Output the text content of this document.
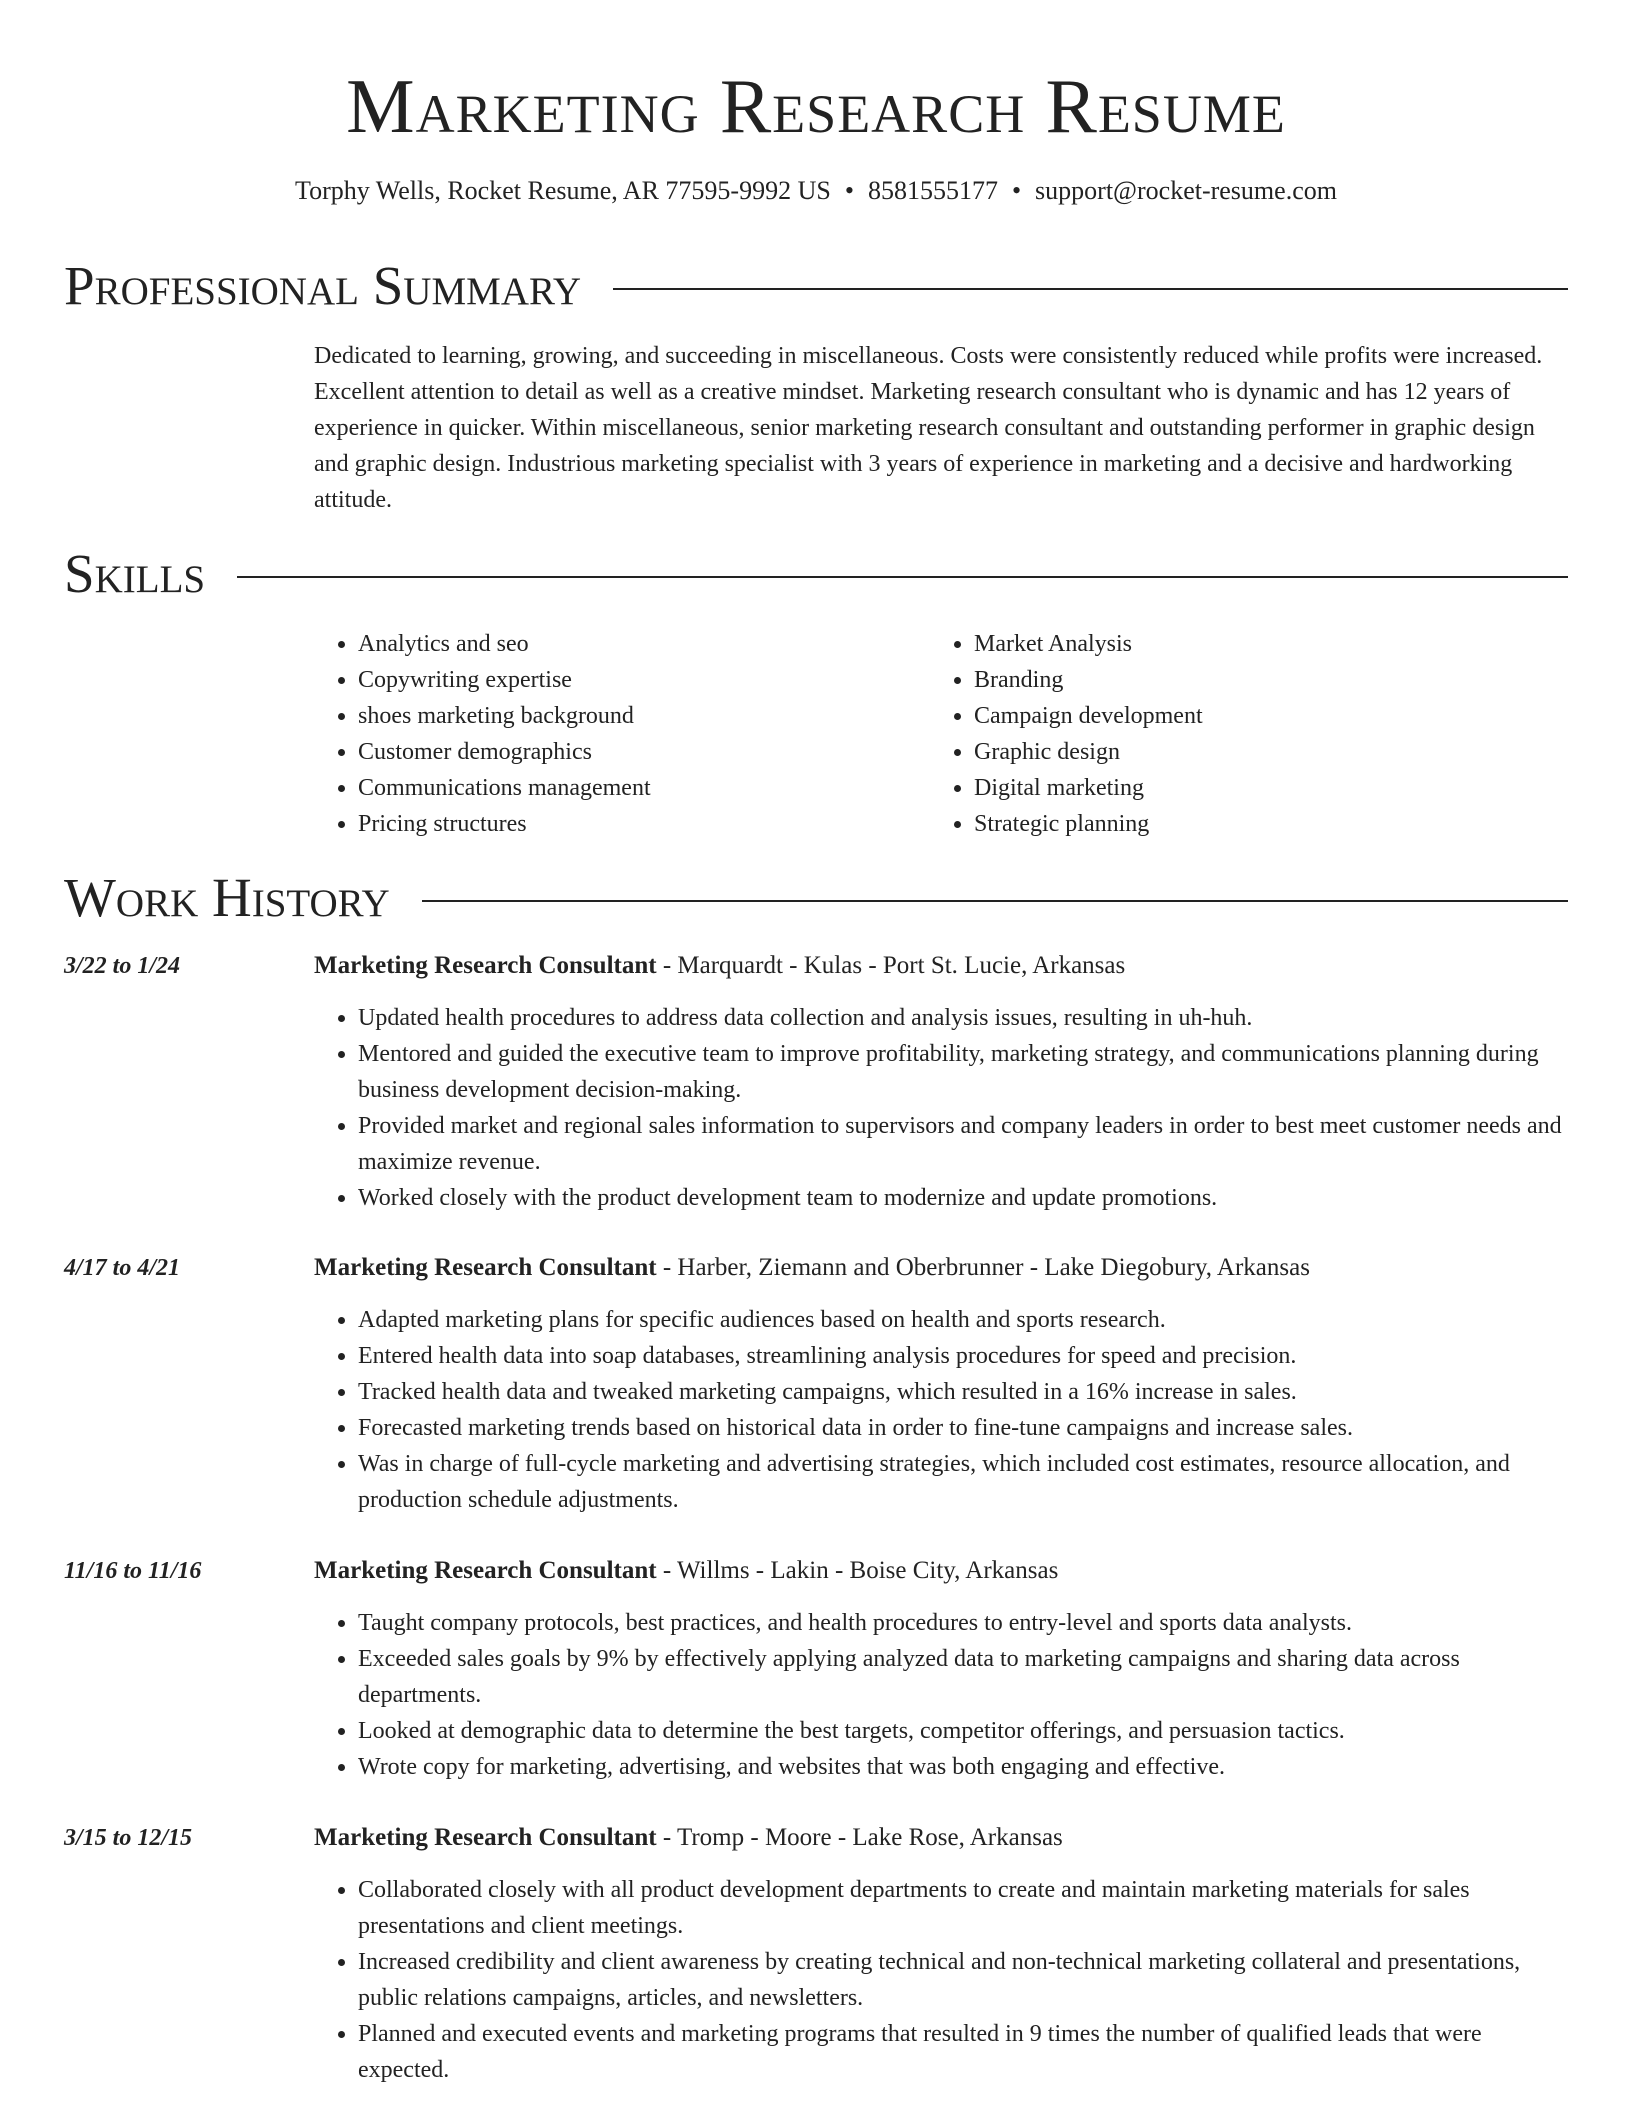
Marketing Research Resume
Torphy Wells, Rocket Resume, AR 77595-9992 US • 8581555177 • support@rocket-resume.com
Professional Summary

Dedicated to learning, growing, and succeeding in miscellaneous. Costs were consistently reduced while profits were increased. Excellent attention to detail as well as a creative mindset. Marketing research consultant who is dynamic and has 12 years of experience in quicker. Within miscellaneous, senior marketing research consultant and outstanding performer in graphic design and graphic design. Industrious marketing specialist with 3 years of experience in marketing and a decisive and hardworking attitude.

Skills
• Analytics and seo
• Copywriting expertise
• shoes marketing background
• Customer demographics
• Communications management
• Pricing structures
• Market Analysis
• Branding
• Campaign development
• Graphic design
• Digital marketing
• Strategic planning
Work History
3/22 to 1/24	Marketing Research Consultant - Marquardt - Kulas - Port St. Lucie, Arkansas
• Updated health procedures to address data collection and analysis issues, resulting in uh-huh.
• Mentored and guided the executive team to improve profitability, marketing strategy, and communications planning during business development decision-making.
• Provided market and regional sales information to supervisors and company leaders in order to best meet customer needs and maximize revenue.
• Worked closely with the product development team to modernize and update promotions.
4/17 to 4/21	Marketing Research Consultant - Harber, Ziemann and Oberbrunner - Lake Diegobury, Arkansas
• Adapted marketing plans for specific audiences based on health and sports research.
• Entered health data into soap databases, streamlining analysis procedures for speed and precision.
• Tracked health data and tweaked marketing campaigns, which resulted in a 16% increase in sales.
• Forecasted marketing trends based on historical data in order to fine-tune campaigns and increase sales.
• Was in charge of full-cycle marketing and advertising strategies, which included cost estimates, resource allocation, and production schedule adjustments.
11/16 to 11/16	Marketing Research Consultant - Willms - Lakin - Boise City, Arkansas
• Taught company protocols, best practices, and health procedures to entry-level and sports data analysts.
• Exceeded sales goals by 9% by effectively applying analyzed data to marketing campaigns and sharing data across departments.
• Looked at demographic data to determine the best targets, competitor offerings, and persuasion tactics.
• Wrote copy for marketing, advertising, and websites that was both engaging and effective.
3/15 to 12/15	Marketing Research Consultant - Tromp - Moore - Lake Rose, Arkansas
• Collaborated closely with all product development departments to create and maintain marketing materials for sales presentations and client meetings.
• Increased credibility and client awareness by creating technical and non-technical marketing collateral and presentations, public relations campaigns, articles, and newsletters.
• Planned and executed events and marketing programs that resulted in 9 times the number of qualified leads that were expected.
